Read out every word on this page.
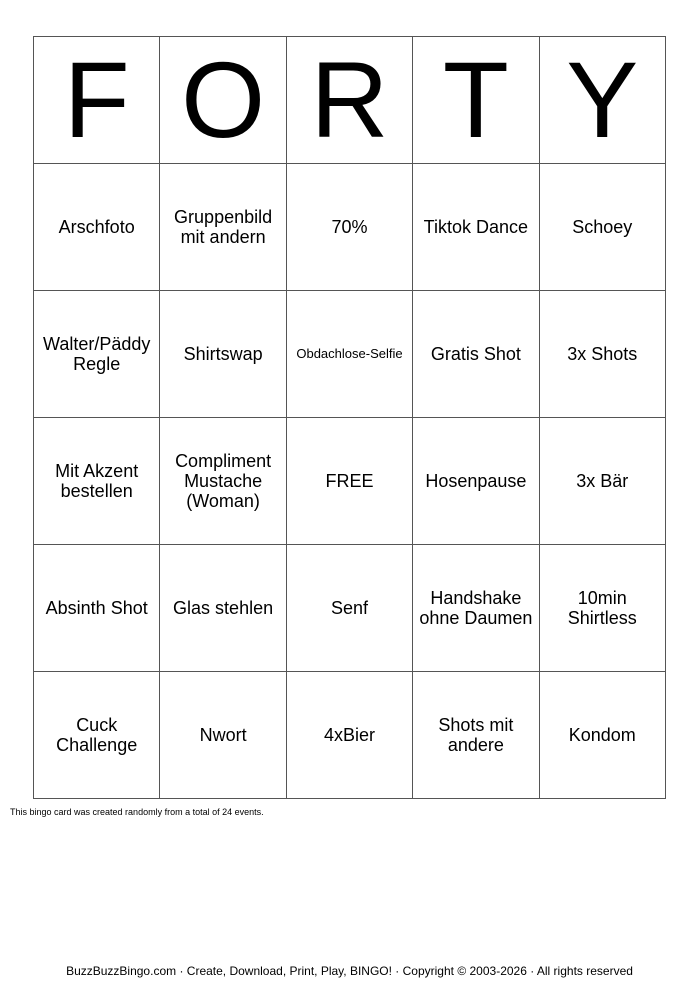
F	O	R	T	Y
Arschfoto	Gruppenbild mit andern	70%	Tiktok Dance	Schoey
Walter/Päddy Regle	Shirtswap	Obdachlose-Selfie	Gratis Shot	3x Shots
Mit Akzent bestellen	Compliment Mustache (Woman)	FREE	Hosenpause	3x Bär
Absinth Shot	Glas stehlen	Senf	Handshake ohne Daumen	10min Shirtless
Cuck Challenge	Nwort	4xBier	Shots mit andere	Kondom
This bingo card was created randomly from a total of 24 events.
BuzzBuzzBingo.com · Create, Download, Print, Play, BINGO! · Copyright © 2003-2026 · All rights reserved
